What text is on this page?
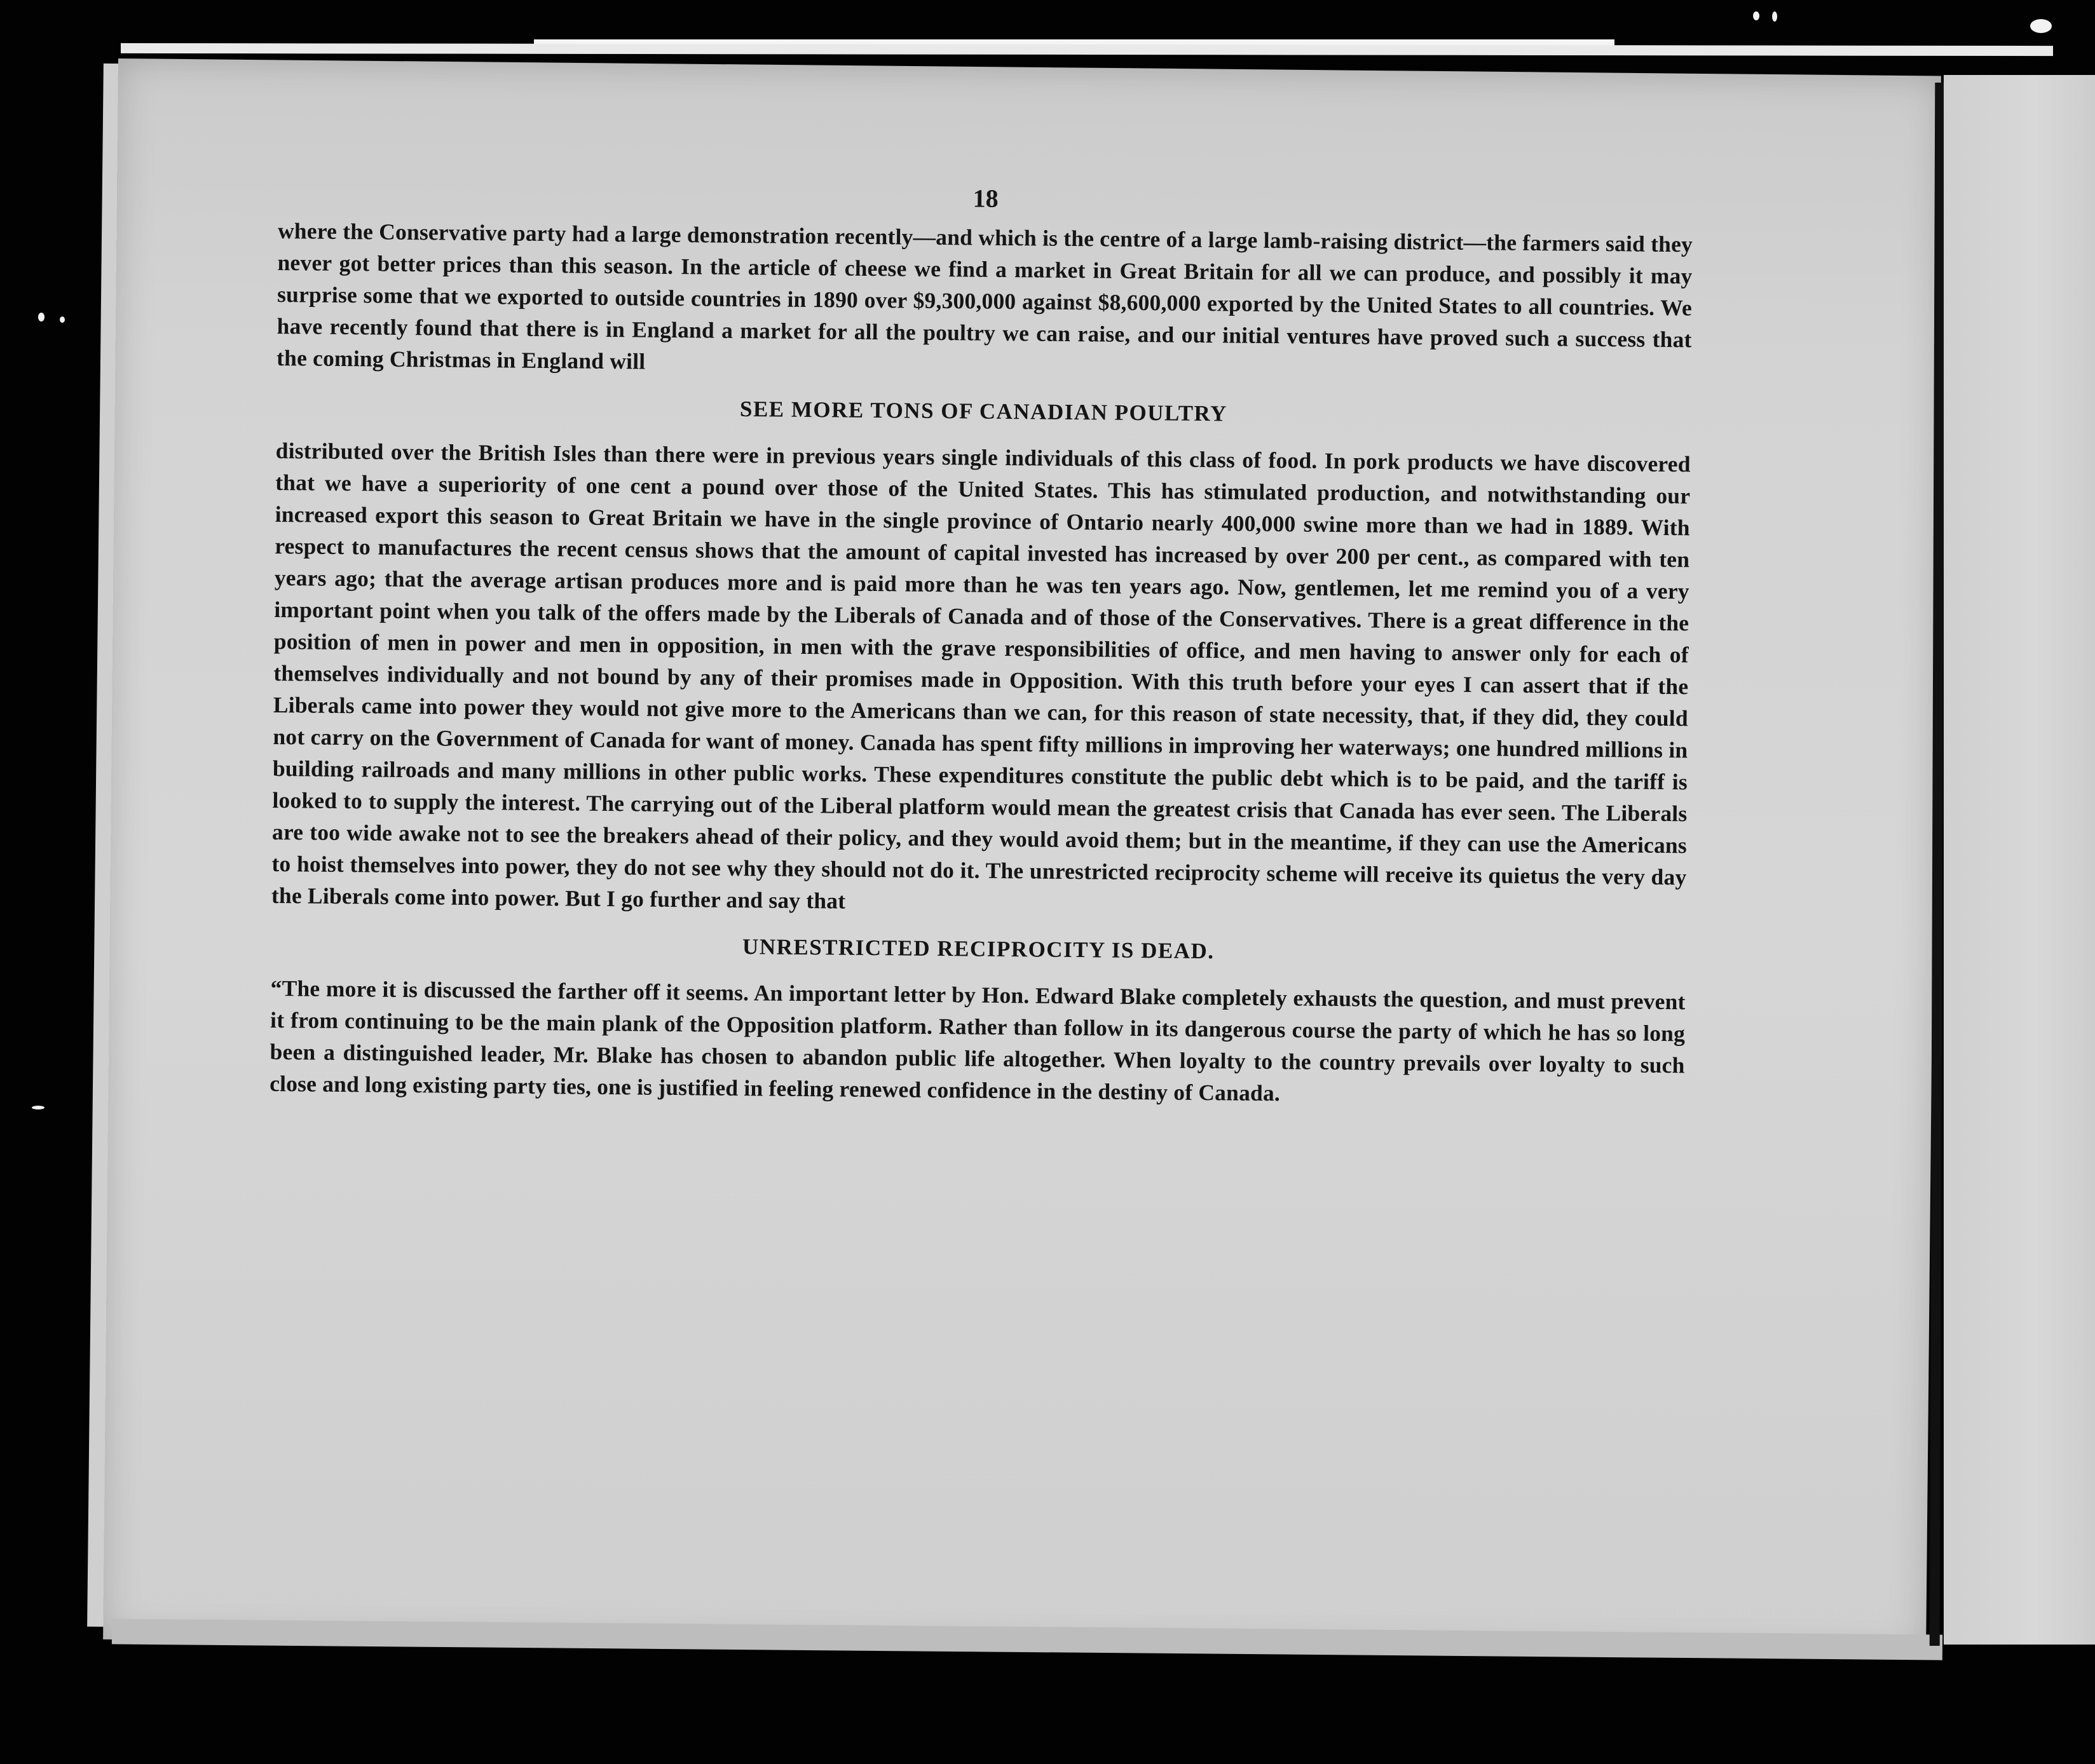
18

where the Conservative party had a large demonstration recently—and which is the centre of a large lamb-raising district—the farmers said they never got better prices than this season. In the article of cheese we find a market in Great Britain for all we can produce, and possibly it may surprise some that we exported to outside countries in 1890 over $9,300,000 against $8,600,000 exported by the United States to all countries. We have recently found that there is in England a market for all the poultry we can raise, and our initial ventures have proved such a success that the coming Christmas in England will

SEE MORE TONS OF CANADIAN POULTRY

distributed over the British Isles than there were in previous years single individuals of this class of food. In pork products we have discovered that we have a superiority of one cent a pound over those of the United States. This has stimulated production, and notwithstanding our increased export this season to Great Britain we have in the single province of Ontario nearly 400,000 swine more than we had in 1889. With respect to manufactures the recent census shows that the amount of capital invested has increased by over 200 per cent., as compared with ten years ago; that the average artisan produces more and is paid more than he was ten years ago. Now, gentlemen, let me remind you of a very important point when you talk of the offers made by the Liberals of Canada and of those of the Conservatives. There is a great difference in the position of men in power and men in opposition, in men with the grave responsibilities of office, and men having to answer only for each of themselves individually and not bound by any of their promises made in Opposition. With this truth before your eyes I can assert that if the Liberals came into power they would not give more to the Americans than we can, for this reason of state necessity, that, if they did, they could not carry on the Government of Canada for want of money. Canada has spent fifty millions in improving her waterways; one hundred millions in building railroads and many millions in other public works. These expenditures constitute the public debt which is to be paid, and the tariff is looked to to supply the interest. The carrying out of the Liberal platform would mean the greatest crisis that Canada has ever seen. The Liberals are too wide awake not to see the breakers ahead of their policy, and they would avoid them; but in the meantime, if they can use the Americans to hoist themselves into power, they do not see why they should not do it. The unrestricted reciprocity scheme will receive its quietus the very day the Liberals come into power. But I go further and say that

UNRESTRICTED RECIPROCITY IS DEAD.

“The more it is discussed the farther off it seems. An important letter by Hon. Edward Blake completely exhausts the question, and must prevent it from continuing to be the main plank of the Opposition platform. Rather than follow in its dangerous course the party of which he has so long been a distinguished leader, Mr. Blake has chosen to abandon public life altogether. When loyalty to the country prevails over loyalty to such close and long existing party ties, one is justified in feeling renewed confidence in the destiny of Canada.
